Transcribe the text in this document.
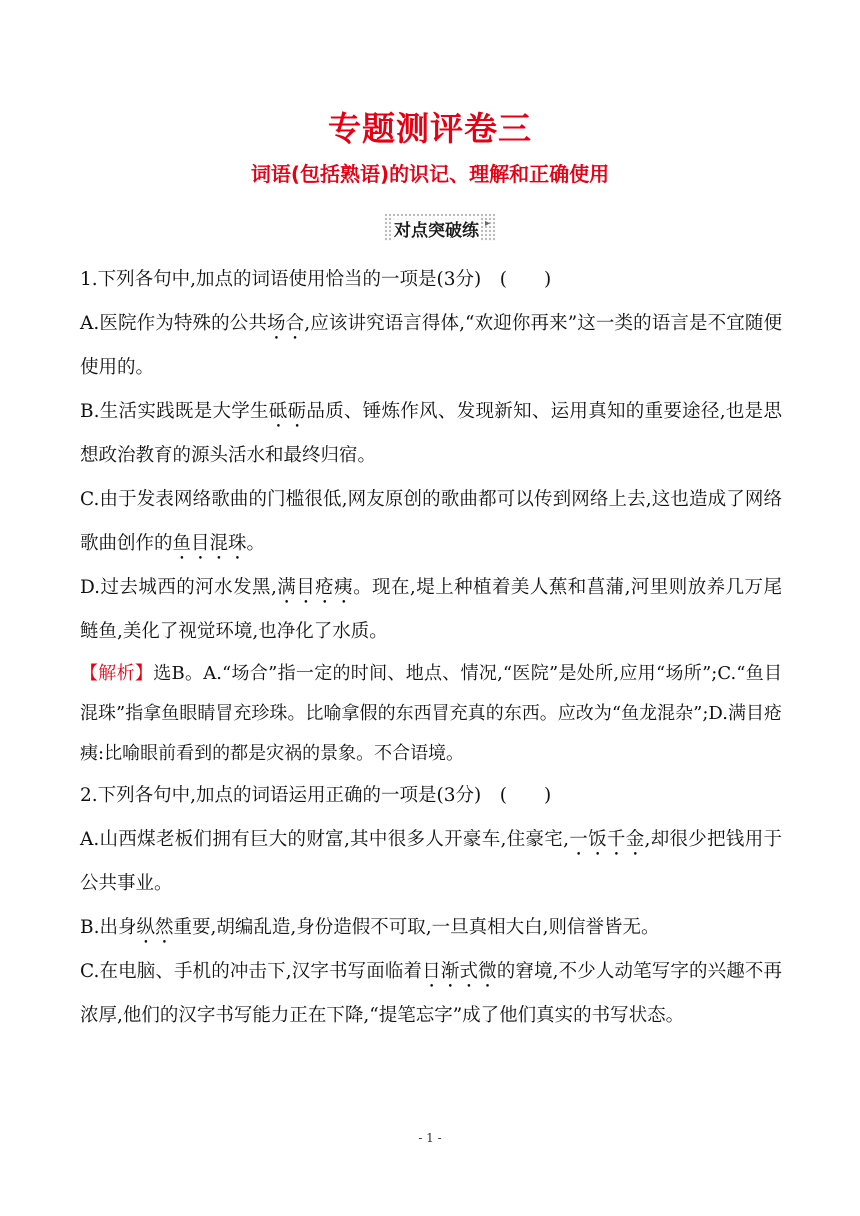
专题测评卷三
词语(包括熟语)的识记、理解和正确使用
对点突破练 ▸

1.下列各句中,加点的词语使用恰当的一项是(3分)　(　　)

A.医院作为特殊的公共场合,应该讲究语言得体,“欢迎你再来”这一类的语言是不宜随便使用的。

B.生活实践既是大学生砥砺品质、锤炼作风、发现新知、运用真知的重要途径,也是思想政治教育的源头活水和最终归宿。

C.由于发表网络歌曲的门槛很低,网友原创的歌曲都可以传到网络上去,这也造成了网络歌曲创作的鱼目混珠。

D.过去城西的河水发黑,满目疮痍。现在,堤上种植着美人蕉和菖蒲,河里则放养几万尾鲢鱼,美化了视觉环境,也净化了水质。

【解析】选B。A.“场合”指一定的时间、地点、情况,“医院”是处所,应用“场所”;C.“鱼目混珠”指拿鱼眼睛冒充珍珠。比喻拿假的东西冒充真的东西。应改为“鱼龙混杂”;D.满目疮痍:比喻眼前看到的都是灾祸的景象。不合语境。

2.下列各句中,加点的词语运用正确的一项是(3分)　(　　)

A.山西煤老板们拥有巨大的财富,其中很多人开豪车,住豪宅,一饭千金,却很少把钱用于公共事业。

B.出身纵然重要,胡编乱造,身份造假不可取,一旦真相大白,则信誉皆无。

C.在电脑、手机的冲击下,汉字书写面临着日渐式微的窘境,不少人动笔写字的兴趣不再浓厚,他们的汉字书写能力正在下降,“提笔忘字”成了他们真实的书写状态。

- 1 -
